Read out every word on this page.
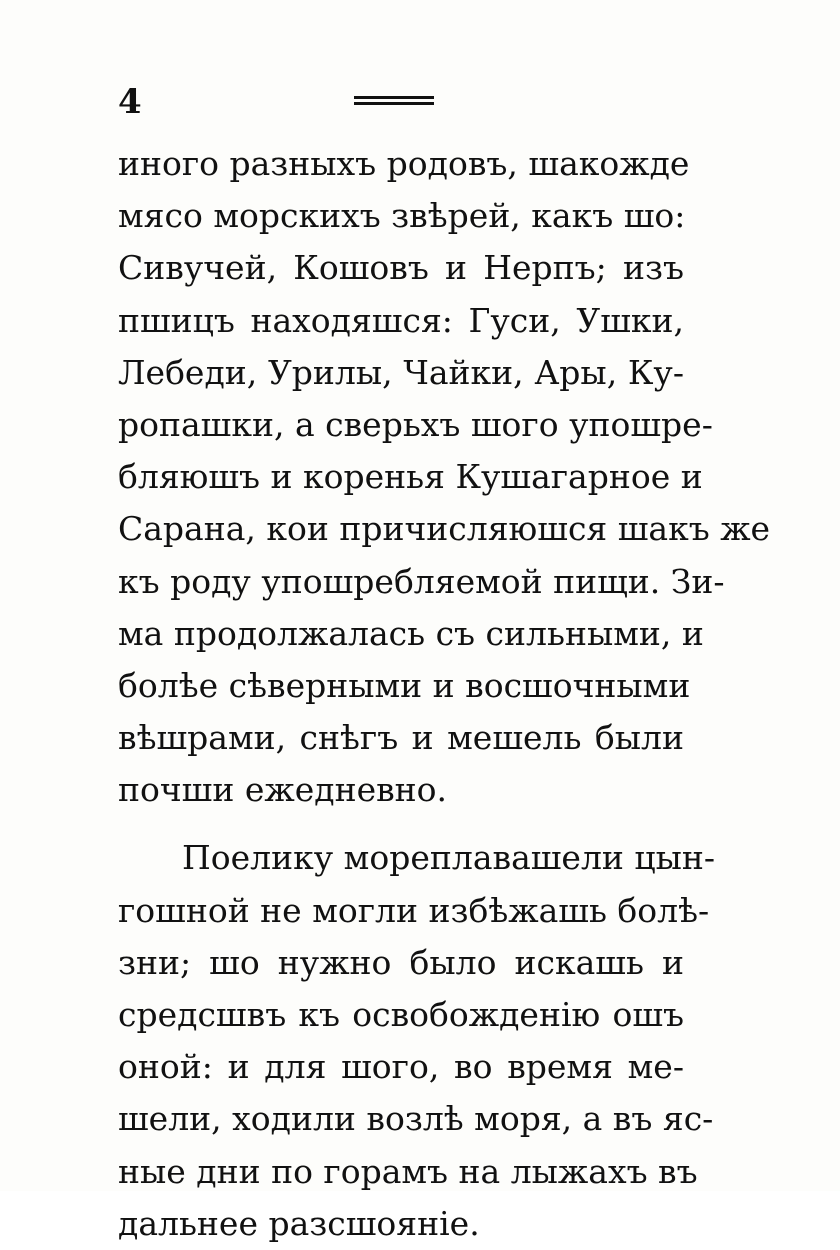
4
иного разныхъ родовъ, шакожде
мясо морскихъ звѣрей, какъ шо:
Сивучей, Кошовъ и Нерпъ; изъ
пшицъ находяшся: Гуси, Ушки,
Лебеди, Урилы, Чайки, Ары, Ку-
ропашки, а сверьхъ шого упошре-
бляюшъ и коренья Кушагарное и
Сарана, кои причисляюшся шакъ же
къ роду упошребляемой пищи. Зи-
ма продолжалась съ сильными, и
болѣе сѣверными и восшочными
вѣшрами, снѣгъ и мешель были
почши ежедневно.
Поелику мореплавашели цын-
гошной не могли избѣжашь болѣ-
зни; шо нужно было искашь и
средсшвъ къ освобожденію ошъ
оной: и для шого, во время ме-
шели, ходили возлѣ моря, а въ яс-
ные дни по горамъ на лыжахъ въ
дальнее разсшояніе.
